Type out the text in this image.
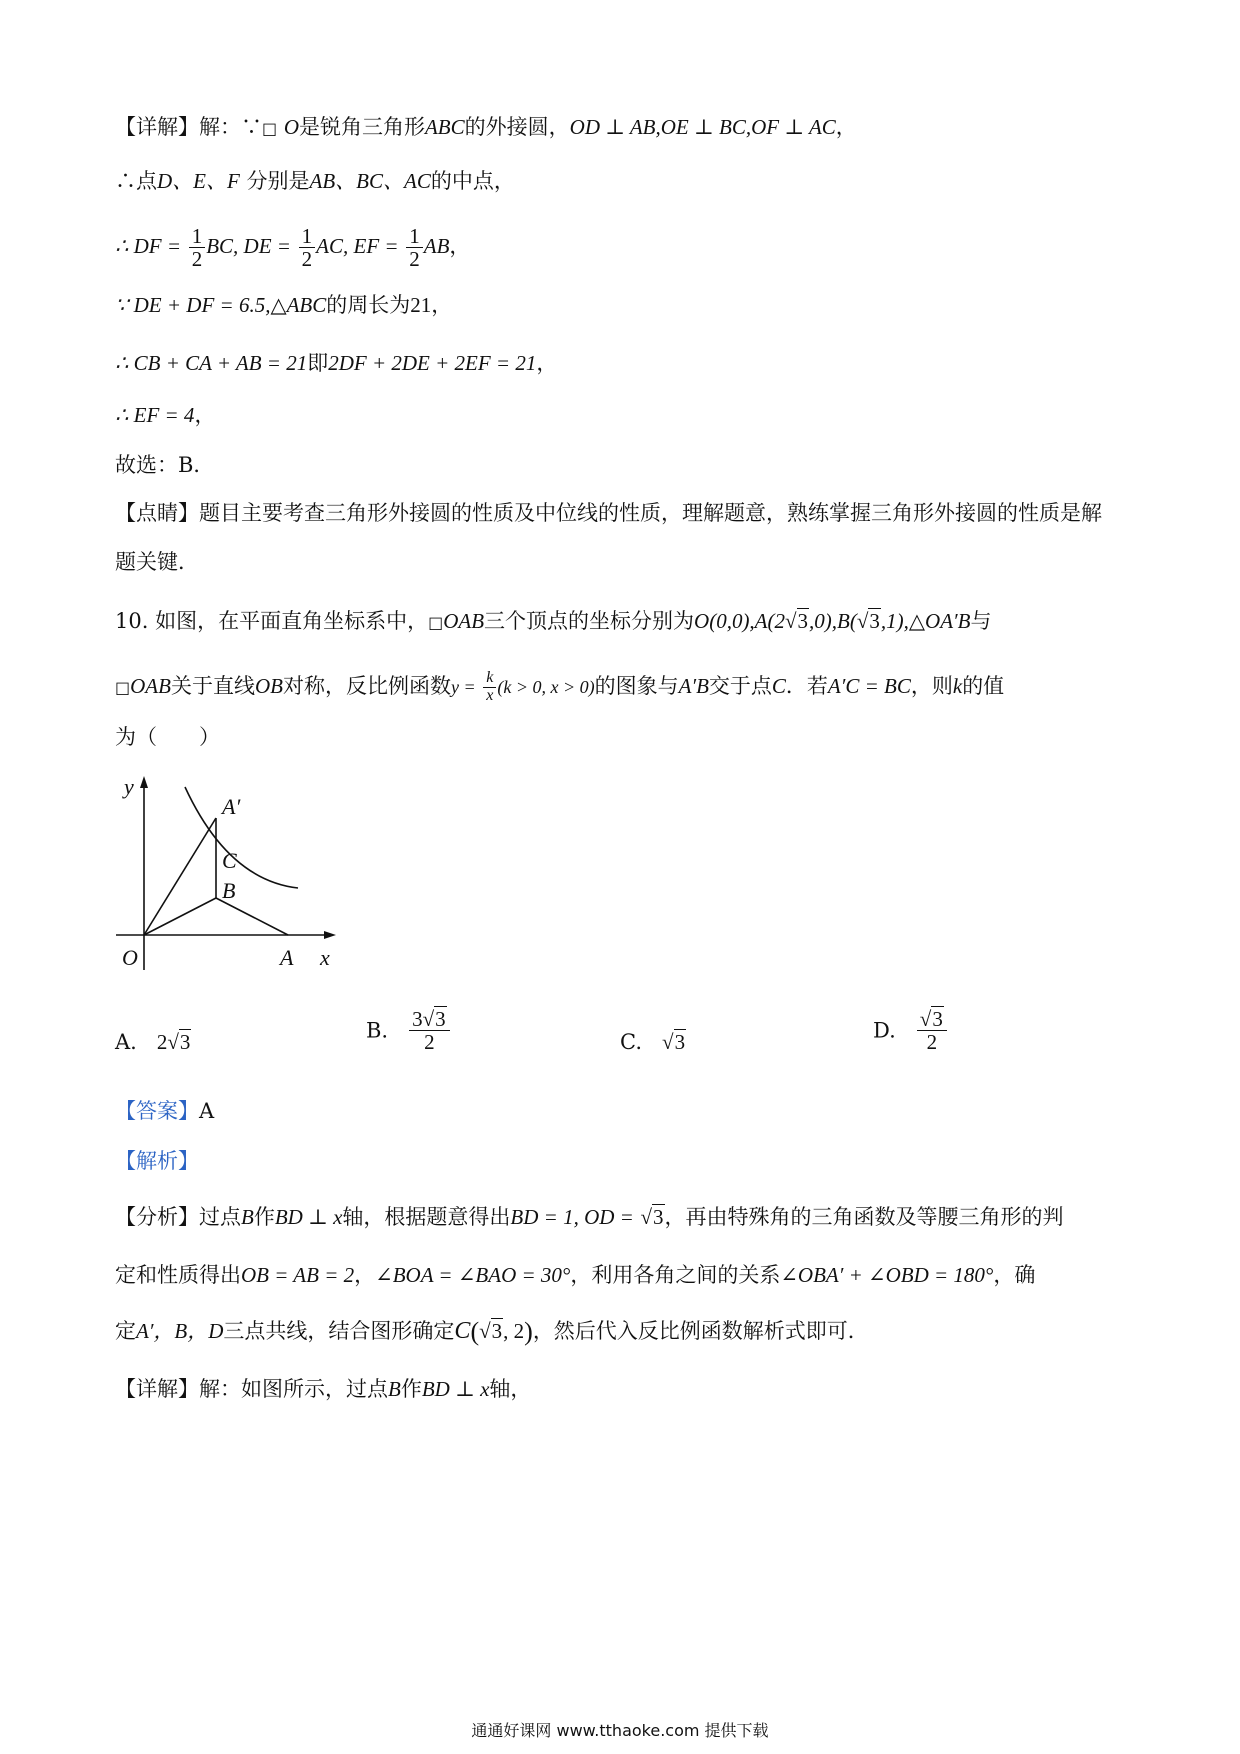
【详解】解：∵□ O是锐角三角形ABC的外接圆，OD ⊥ AB,OE ⊥ BC,OF ⊥ AC，
∴点D、E、F 分别是AB、BC、AC的中点，
∴ DF = $\frac{1}{2}$ BC, DE = $\frac{1}{2}$ AC, EF = $\frac{1}{2}$ AB，
∵ DE + DF = 6.5,△ABC的周长为21，
∴ CB + CA + AB = 21即2DF + 2DE + 2EF = 21，
∴ EF = 4，
故选：B．
【点睛】题目主要考查三角形外接圆的性质及中位线的性质，理解题意，熟练掌握三角形外接圆的性质是解
题关键．
10. 如图，在平面直角坐标系中，□OAB三个顶点的坐标分别为O(0,0),A(2√3,0),B(√3,1),△OA′B与
□OAB关于直线OB对称，反比例函数$y = \frac{k}{x} (k > 0$, x > 0)的图象与A′B交于点C．若A′C = BC，则k的值
为（　　）
y
x
O	A
A′
C
B
A. 2√3	B. $\frac{3√3}{2}$	C. √3	D. $\frac{√3}{2}$
【答案】A
【解析】
【分析】过点B作BD ⊥ x轴，根据题意得出BD = 1, OD = √3，再由特殊角的三角函数及等腰三角形的判
定和性质得出OB = AB = 2，∠BOA = ∠BAO = 30°，利用各角之间的关系∠OBA′ + ∠OBD = 180°，确
定A′，B，D三点共线，结合图形确定C(√3, 2)，然后代入反比例函数解析式即可．
【详解】解：如图所示，过点B作BD ⊥ x轴，
通通好课网 www.tthaoke.com 提供下载
